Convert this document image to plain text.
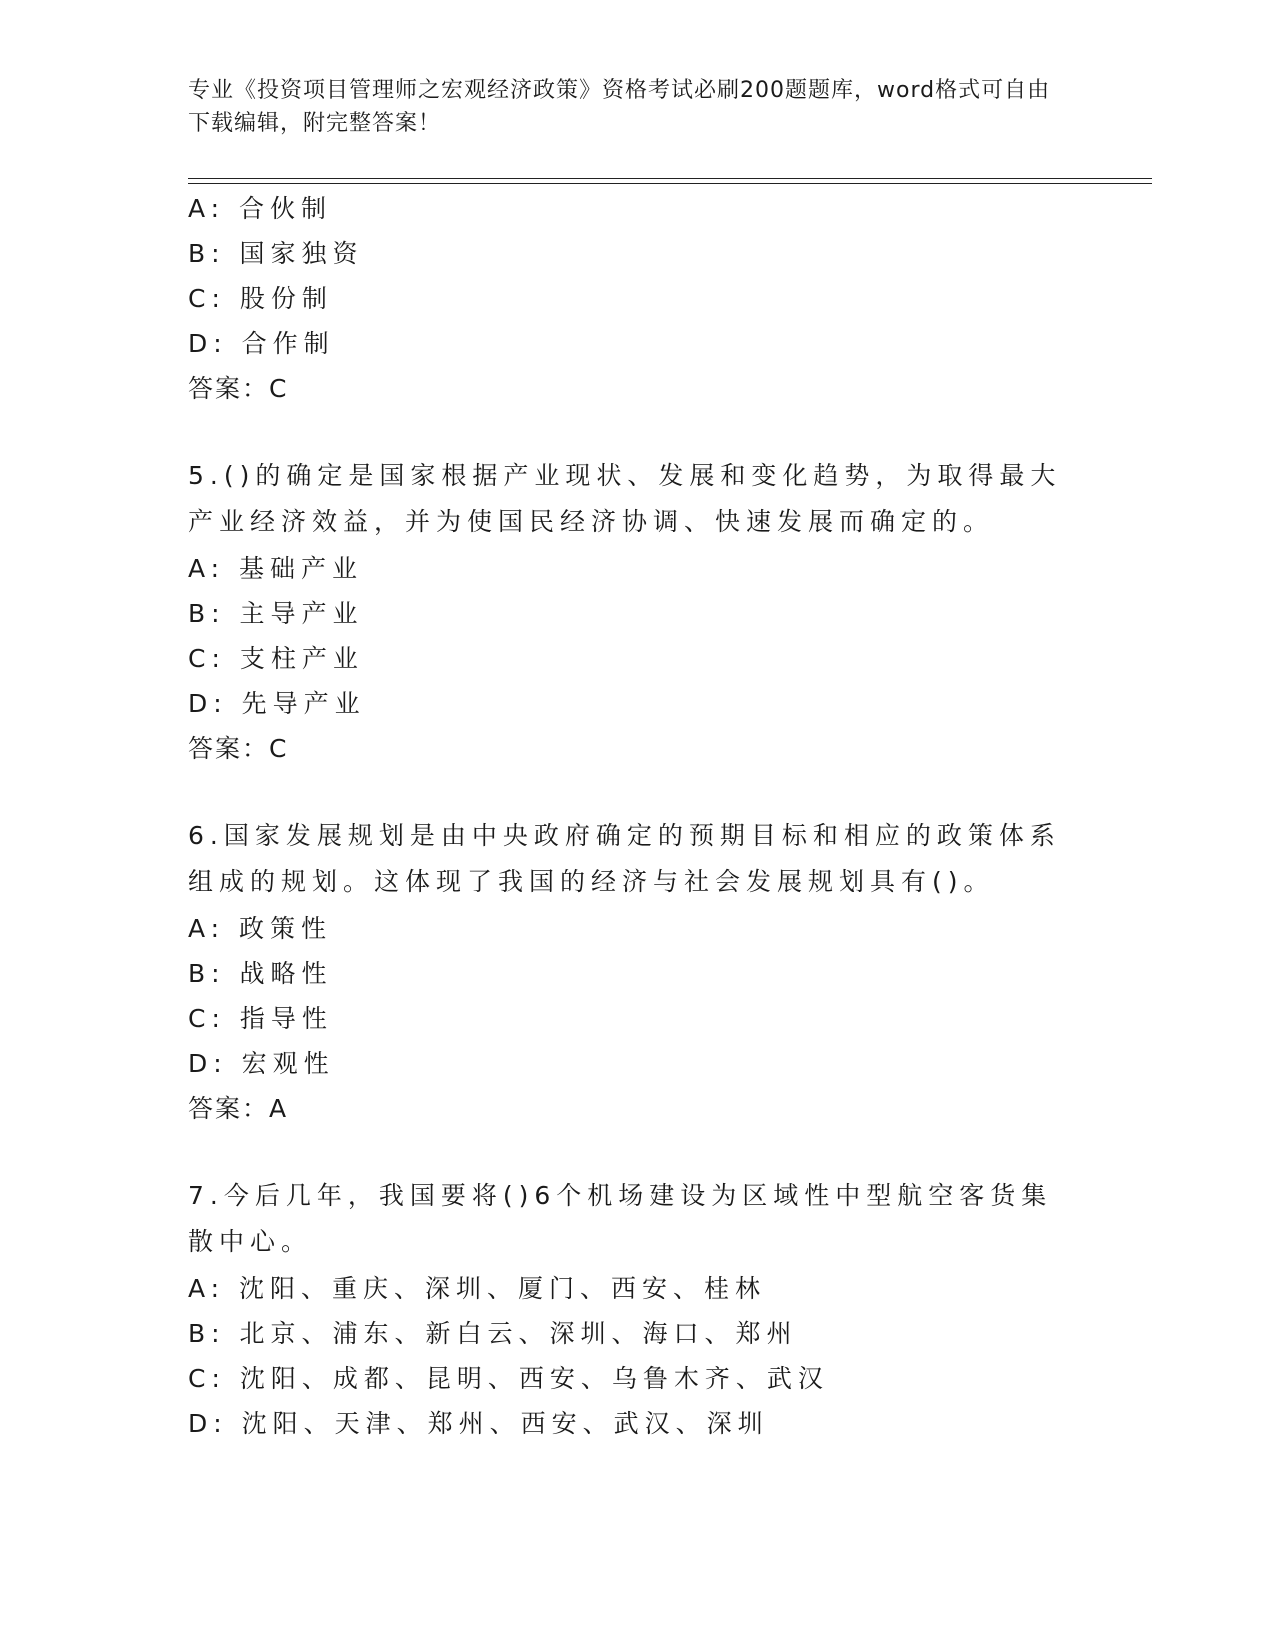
专业《投资项目管理师之宏观经济政策》资格考试必刷200题题库，word格式可自由下载编辑，附完整答案！
A: 合伙制
B: 国家独资
C: 股份制
D: 合作制
答案：C
5.()的确定是国家根据产业现状、发展和变化趋势，为取得最大产业经济效益，并为使国民经济协调、快速发展而确定的。
A: 基础产业
B: 主导产业
C: 支柱产业
D: 先导产业
答案：C
6.国家发展规划是由中央政府确定的预期目标和相应的政策体系组成的规划。这体现了我国的经济与社会发展规划具有()。
A: 政策性
B: 战略性
C: 指导性
D: 宏观性
答案：A
7.今后几年，我国要将()6个机场建设为区域性中型航空客货集散中心。
A: 沈阳、重庆、深圳、厦门、西安、桂林
B: 北京、浦东、新白云、深圳、海口、郑州
C: 沈阳、成都、昆明、西安、乌鲁木齐、武汉
D: 沈阳、天津、郑州、西安、武汉、深圳
